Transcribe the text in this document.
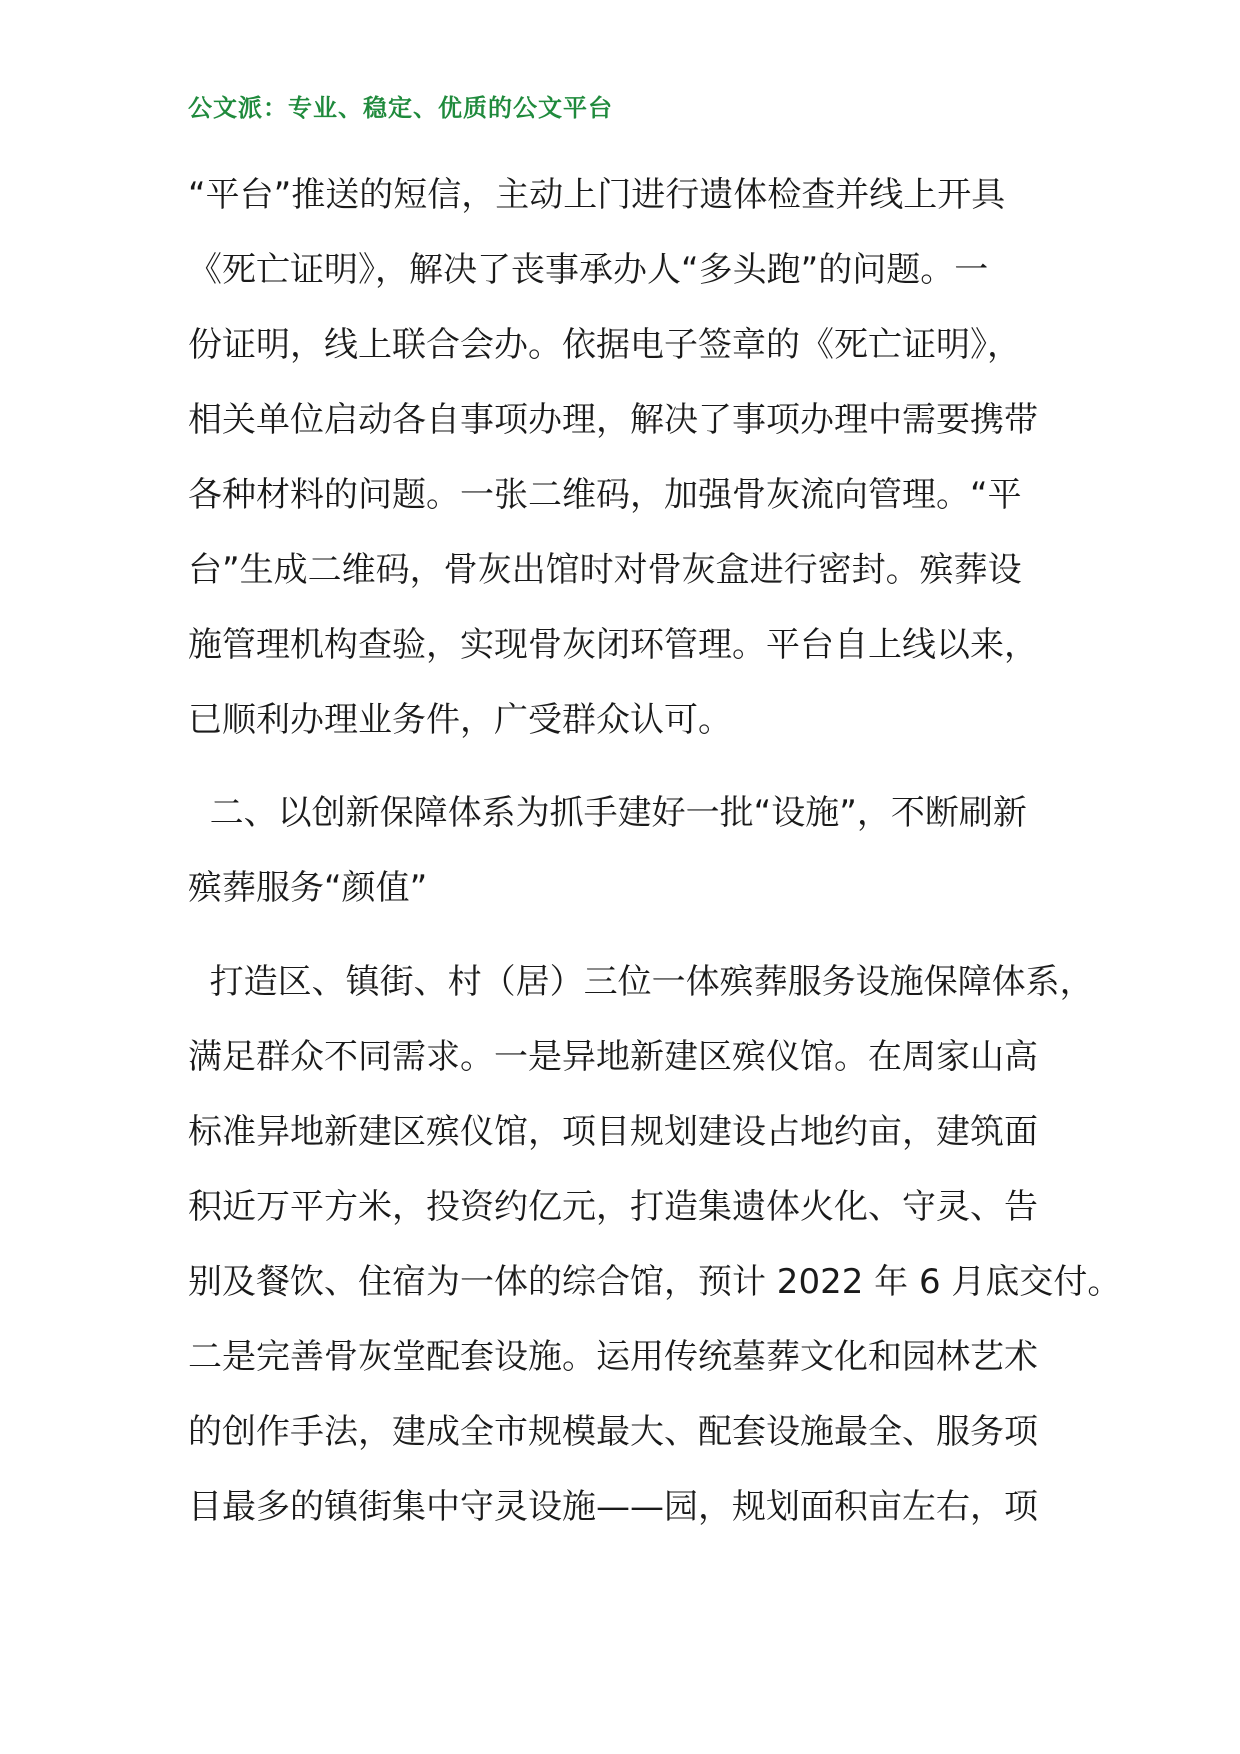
公文派：专业、稳定、优质的公文平台
“平台”推送的短信，主动上门进行遗体检查并线上开具
《死亡证明》，解决了丧事承办人“多头跑”的问题。一
份证明，线上联合会办。依据电子签章的《死亡证明》，
相关单位启动各自事项办理，解决了事项办理中需要携带
各种材料的问题。一张二维码，加强骨灰流向管理。“平
台”生成二维码，骨灰出馆时对骨灰盒进行密封。殡葬设
施管理机构查验，实现骨灰闭环管理。平台自上线以来，
已顺利办理业务件，广受群众认可。
二、以创新保障体系为抓手建好一批“设施”，不断刷新
殡葬服务“颜值”
打造区、镇街、村（居）三位一体殡葬服务设施保障体系，
满足群众不同需求。一是异地新建区殡仪馆。在周家山高
标准异地新建区殡仪馆，项目规划建设占地约亩，建筑面
积近万平方米，投资约亿元，打造集遗体火化、守灵、告
别及餐饮、住宿为一体的综合馆，预计 2022 年 6 月底交付。
二是完善骨灰堂配套设施。运用传统墓葬文化和园林艺术
的创作手法，建成全市规模最大、配套设施最全、服务项
目最多的镇街集中守灵设施——园，规划面积亩左右，项
